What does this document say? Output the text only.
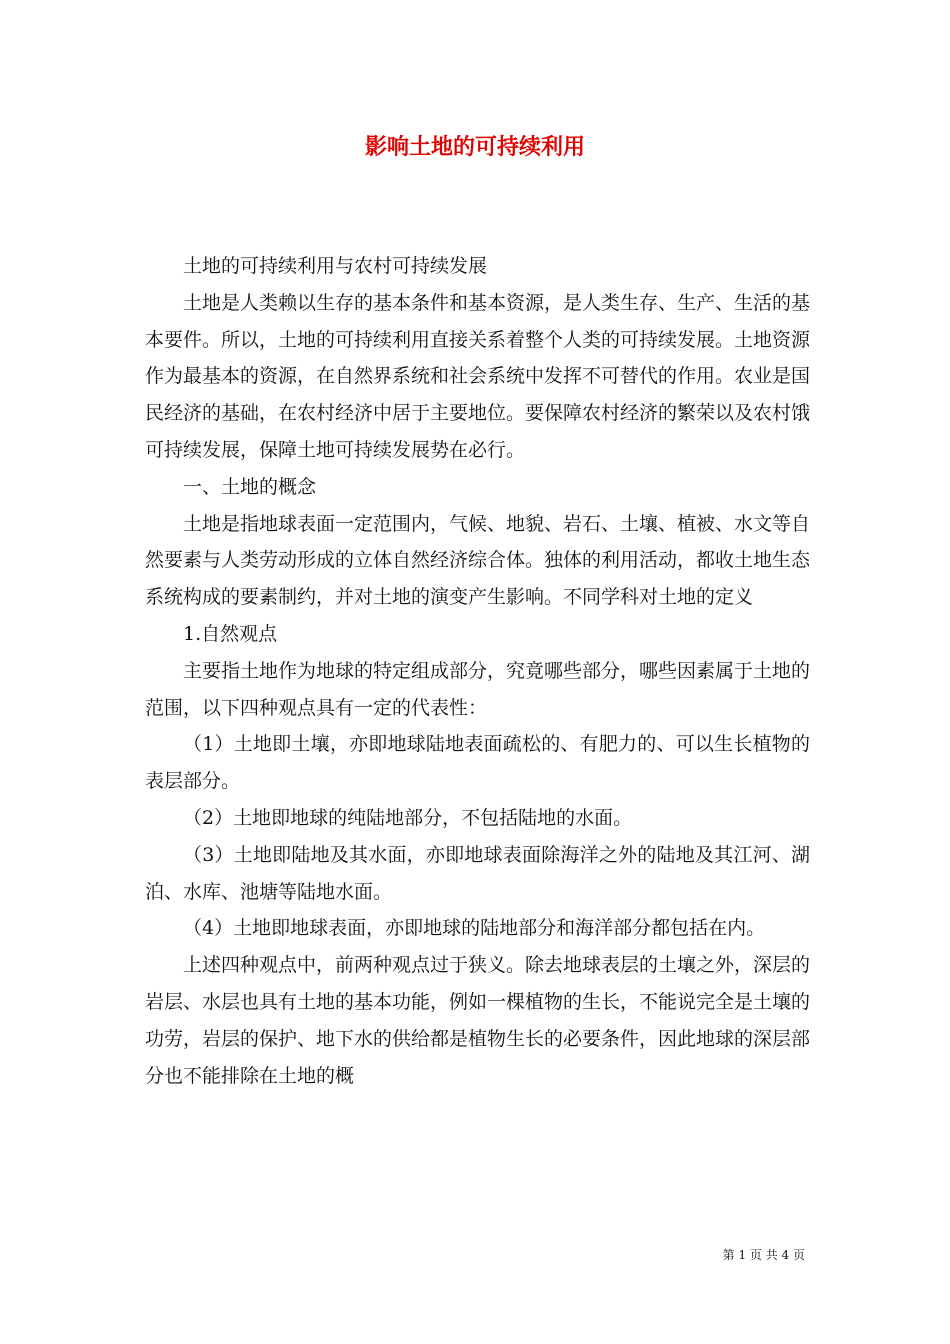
影响土地的可持续利用

土地的可持续利用与农村可持续发展

土地是人类赖以生存的基本条件和基本资源，是人类生存、生产、生活的基本要件。所以，土地的可持续利用直接关系着整个人类的可持续发展。土地资源作为最基本的资源，在自然界系统和社会系统中发挥不可替代的作用。农业是国民经济的基础，在农村经济中居于主要地位。要保障农村经济的繁荣以及农村饿可持续发展，保障土地可持续发展势在必行。

一、土地的概念

土地是指地球表面一定范围内，气候、地貌、岩石、土壤、植被、水文等自然要素与人类劳动形成的立体自然经济综合体。独体的利用活动，都收土地生态系统构成的要素制约，并对土地的演变产生影响。不同学科对土地的定义

1.自然观点

主要指土地作为地球的特定组成部分，究竟哪些部分，哪些因素属于土地的范围，以下四种观点具有一定的代表性：

（1）土地即土壤，亦即地球陆地表面疏松的、有肥力的、可以生长植物的表层部分。

（2）土地即地球的纯陆地部分，不包括陆地的水面。

（3）土地即陆地及其水面，亦即地球表面除海洋之外的陆地及其江河、湖泊、水库、池塘等陆地水面。

（4）土地即地球表面，亦即地球的陆地部分和海洋部分都包括在内。

上述四种观点中，前两种观点过于狭义。除去地球表层的土壤之外，深层的岩层、水层也具有土地的基本功能，例如一棵植物的生长，不能说完全是土壤的功劳，岩层的保护、地下水的供给都是植物生长的必要条件，因此地球的深层部分也不能排除在土地的概

第 1 页 共 4 页
